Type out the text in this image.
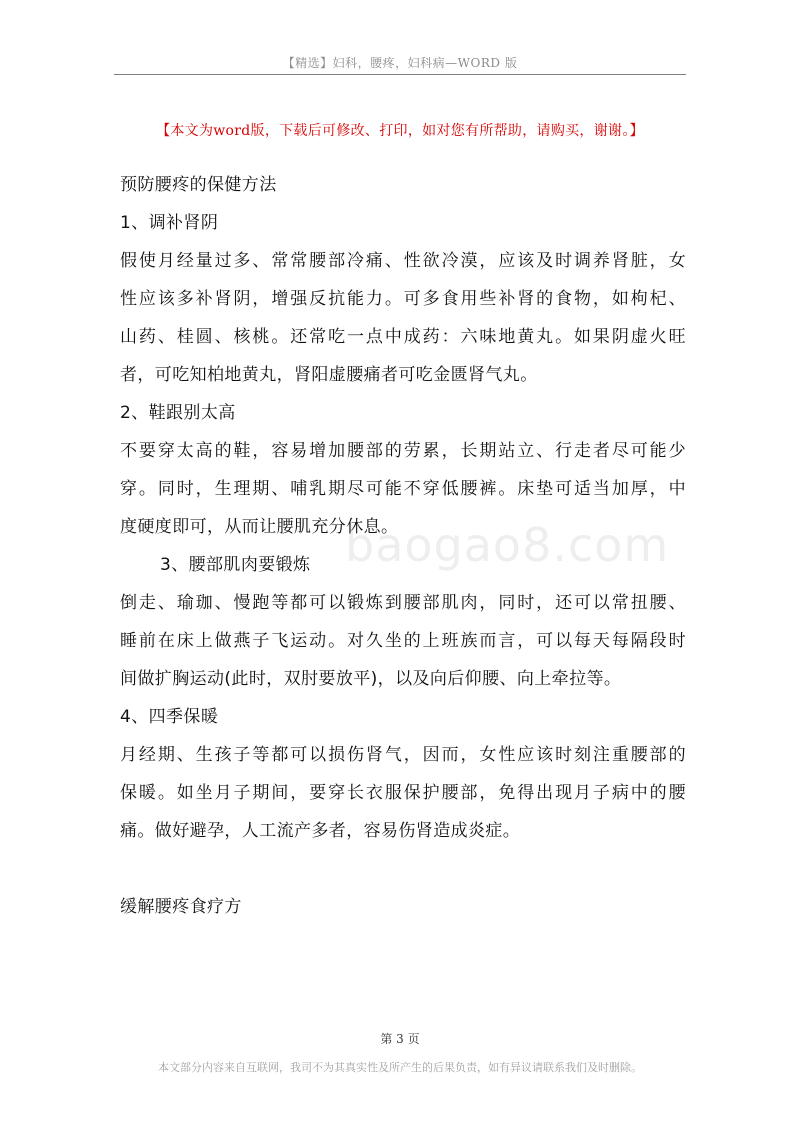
【精选】妇科，腰疼，妇科病—WORD 版
【本文为word版，下载后可修改、打印，如对您有所帮助，请购买，谢谢。】
baogao8.com
预防腰疼的保健方法
1、调补肾阴
假使月经量过多、常常腰部冷痛、性欲冷漠，应该及时调养肾脏，女
性应该多补肾阴，增强反抗能力。可多食用些补肾的食物，如枸杞、
山药、桂圆、核桃。还常吃一点中成药：六味地黄丸。如果阴虚火旺
者，可吃知柏地黄丸，肾阳虚腰痛者可吃金匮肾气丸。
2、鞋跟别太高
不要穿太高的鞋，容易增加腰部的劳累，长期站立、行走者尽可能少
穿。同时，生理期、哺乳期尽可能不穿低腰裤。床垫可适当加厚，中
度硬度即可，从而让腰肌充分休息。
3、腰部肌肉要锻炼
倒走、瑜珈、慢跑等都可以锻炼到腰部肌肉，同时，还可以常扭腰、
睡前在床上做燕子飞运动。对久坐的上班族而言，可以每天每隔段时
间做扩胸运动(此时，双肘要放平)，以及向后仰腰、向上牵拉等。
4、四季保暖
月经期、生孩子等都可以损伤肾气，因而，女性应该时刻注重腰部的
保暖。如坐月子期间，要穿长衣服保护腰部，免得出现月子病中的腰
痛。做好避孕，人工流产多者，容易伤肾造成炎症。
缓解腰疼食疗方
第 3 页
本文部分内容来自互联网，我司不为其真实性及所产生的后果负责，如有异议请联系我们及时删除。
